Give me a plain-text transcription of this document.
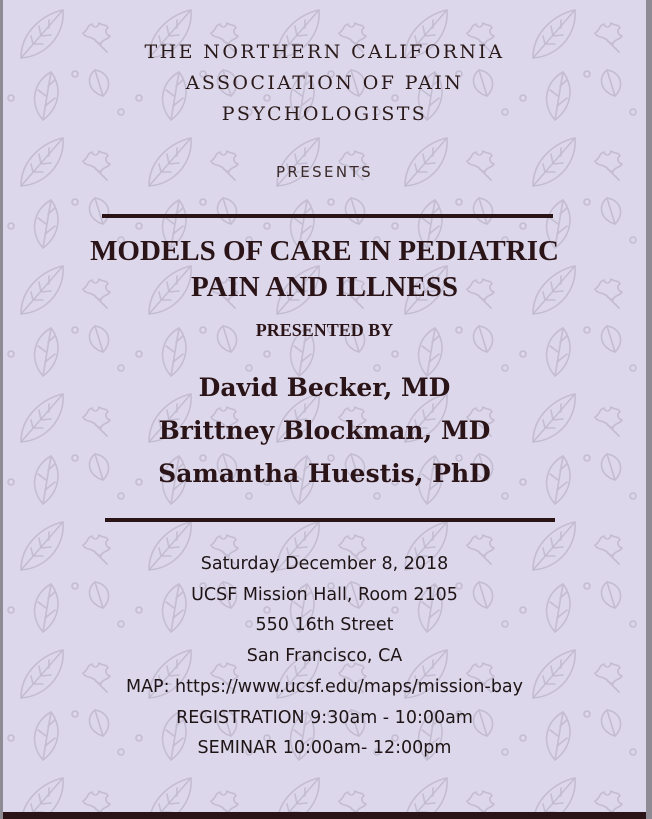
THE NORTHERN CALIFORNIA
ASSOCIATION OF PAIN
PSYCHOLOGISTS

PRESENTS

MODELS OF CARE IN PEDIATRIC
PAIN AND ILLNESS

PRESENTED BY

David Becker, MD
Brittney Blockman, MD
Samantha Huestis, PhD
Saturday December 8, 2018
UCSF Mission Hall, Room 2105
550 16th Street
San Francisco, CA
MAP: https://www.ucsf.edu/maps/mission-bay
REGISTRATION 9:30am - 10:00am
SEMINAR 10:00am- 12:00pm
